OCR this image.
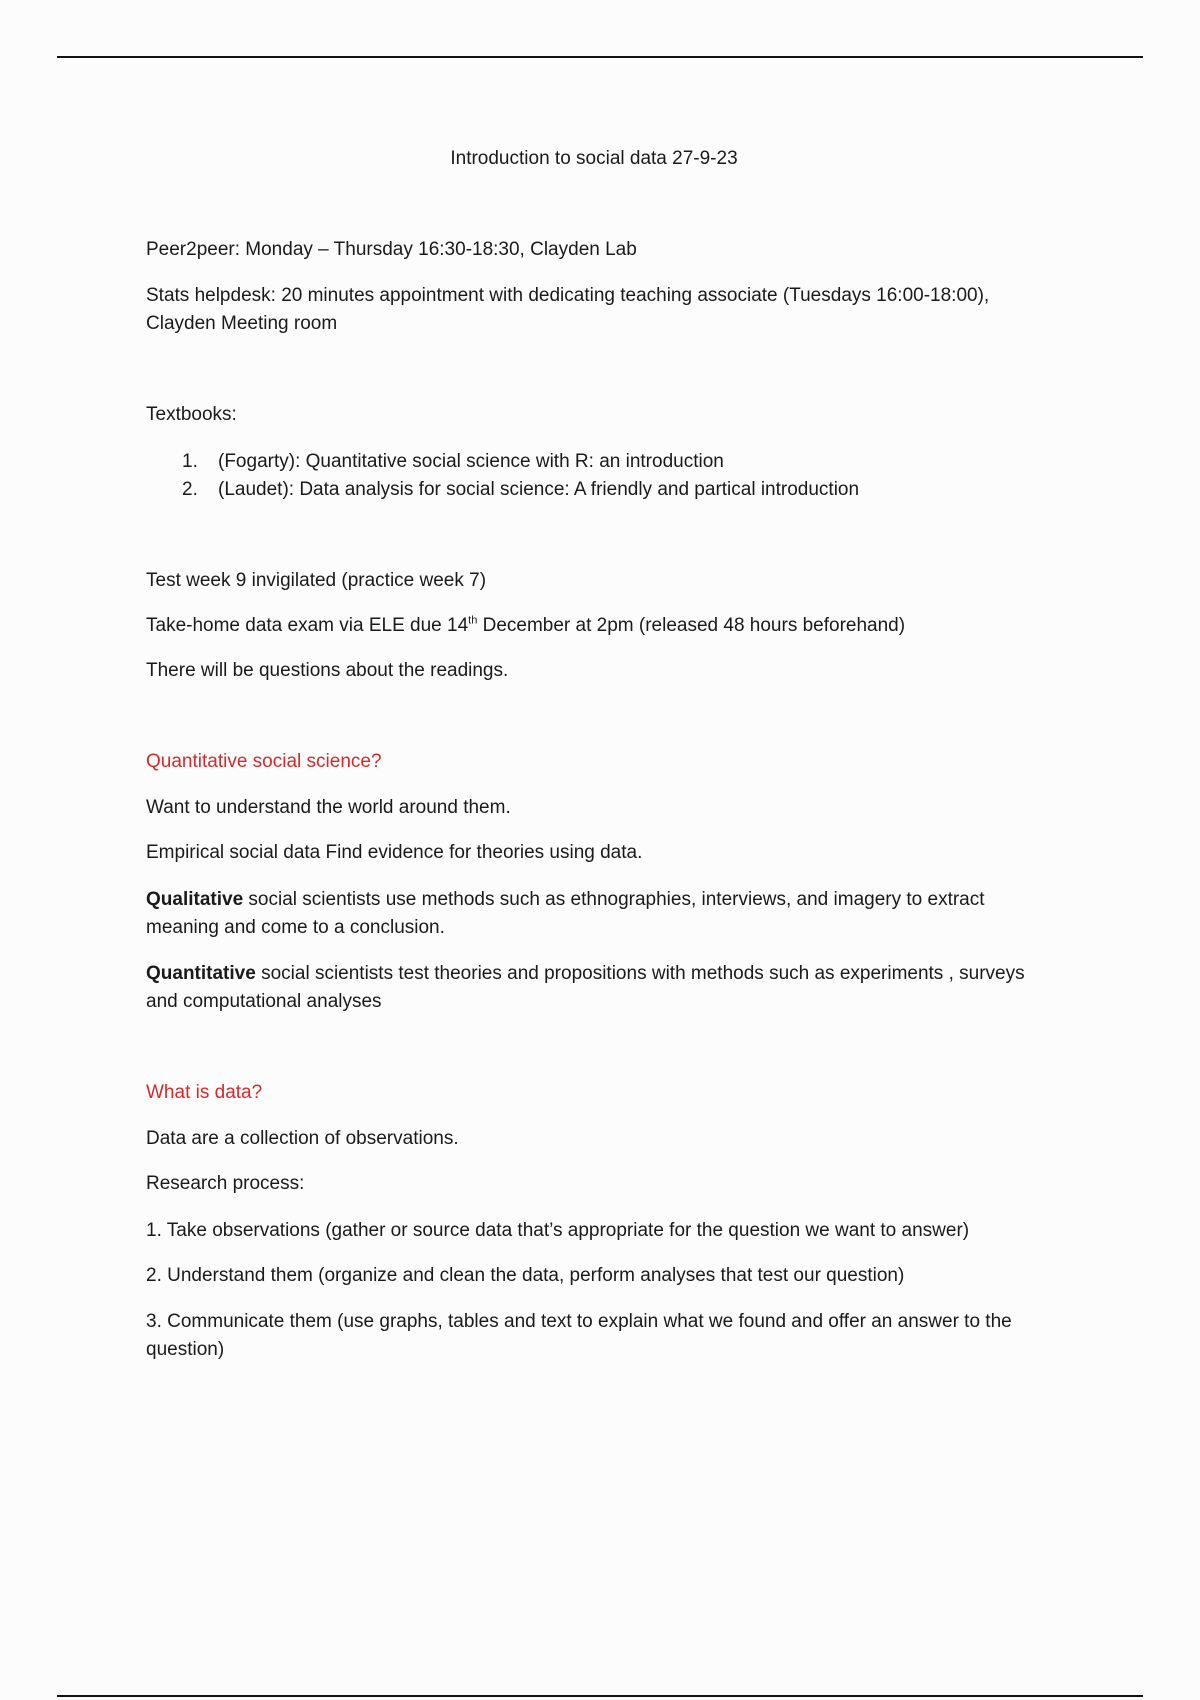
Introduction to social data 27-9-23
Peer2peer: Monday – Thursday 16:30-18:30, Clayden Lab
Stats helpdesk: 20 minutes appointment with dedicating teaching associate (Tuesdays 16:00-18:00),
Clayden Meeting room
Textbooks:
1. (Fogarty): Quantitative social science with R: an introduction
2. (Laudet): Data analysis for social science: A friendly and partical introduction
Test week 9 invigilated (practice week 7)
Take-home data exam via ELE due 14th December at 2pm (released 48 hours beforehand)
There will be questions about the readings.
Quantitative social science?
Want to understand the world around them.
Empirical social data Find evidence for theories using data.
Qualitative social scientists use methods such as ethnographies, interviews, and imagery to extract
meaning and come to a conclusion.
Quantitative social scientists test theories and propositions with methods such as experiments , surveys
and computational analyses
What is data?
Data are a collection of observations.
Research process:
1. Take observations (gather or source data that’s appropriate for the question we want to answer)
2. Understand them (organize and clean the data, perform analyses that test our question)
3. Communicate them (use graphs, tables and text to explain what we found and offer an answer to the
question)
